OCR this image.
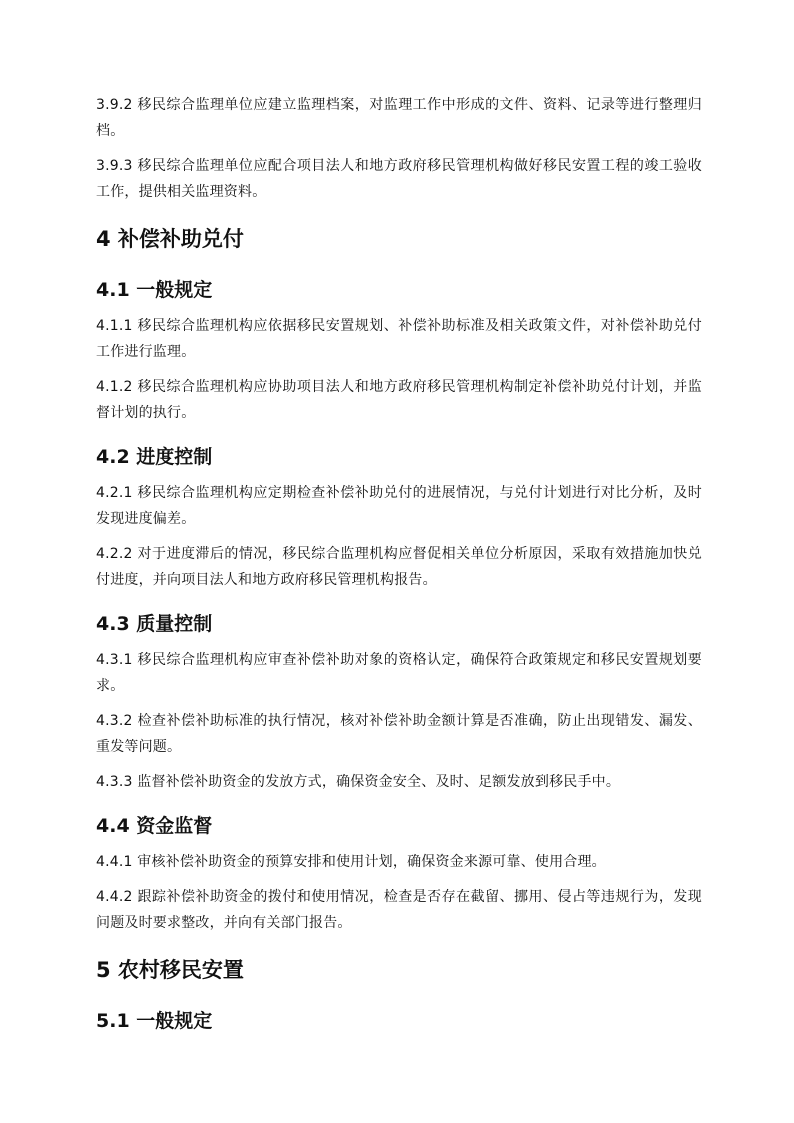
3.9.2 移民综合监理单位应建立监理档案，对监理工作中形成的文件、资料、记录等进行整理归档。

3.9.3 移民综合监理单位应配合项目法人和地方政府移民管理机构做好移民安置工程的竣工验收工作，提供相关监理资料。

4 补偿补助兑付
4.1 一般规定

4.1.1 移民综合监理机构应依据移民安置规划、补偿补助标准及相关政策文件，对补偿补助兑付工作进行监理。

4.1.2 移民综合监理机构应协助项目法人和地方政府移民管理机构制定补偿补助兑付计划，并监督计划的执行。

4.2 进度控制

4.2.1 移民综合监理机构应定期检查补偿补助兑付的进展情况，与兑付计划进行对比分析，及时发现进度偏差。

4.2.2 对于进度滞后的情况，移民综合监理机构应督促相关单位分析原因，采取有效措施加快兑付进度，并向项目法人和地方政府移民管理机构报告。

4.3 质量控制

4.3.1 移民综合监理机构应审查补偿补助对象的资格认定，确保符合政策规定和移民安置规划要求。

4.3.2 检查补偿补助标准的执行情况，核对补偿补助金额计算是否准确，防止出现错发、漏发、重发等问题。

4.3.3 监督补偿补助资金的发放方式，确保资金安全、及时、足额发放到移民手中。

4.4 资金监督

4.4.1 审核补偿补助资金的预算安排和使用计划，确保资金来源可靠、使用合理。

4.4.2 跟踪补偿补助资金的拨付和使用情况，检查是否存在截留、挪用、侵占等违规行为，发现问题及时要求整改，并向有关部门报告。

5 农村移民安置
5.1 一般规定
